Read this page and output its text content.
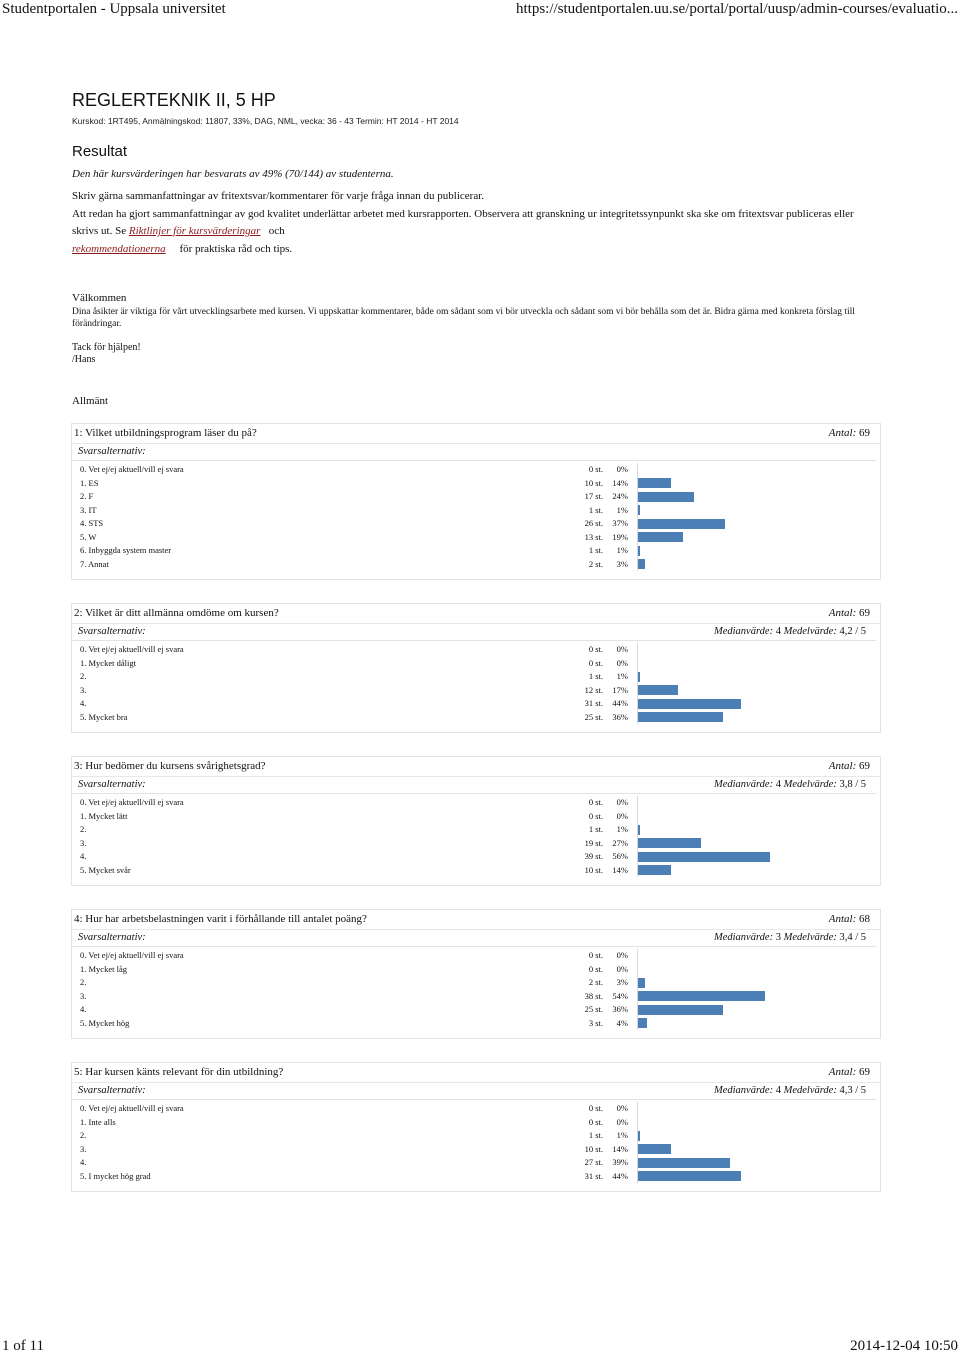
Studentportalen - Uppsala universitet	https://studentportalen.uu.se/portal/portal/uusp/admin-courses/evaluatio...
REGLERTEKNIK II, 5 HP
Kurskod: 1RT495, Anmälningskod: 11807, 33%, DAG, NML, vecka: 36 - 43 Termin: HT 2014 - HT 2014
Resultat
Den här kursvärderingen har besvarats av 49% (70/144) av studenterna.

Skriv gärna sammanfattningar av fritextsvar/kommentarer för varje fråga innan du publicerar.

Att redan ha gjort sammanfattningar av god kvalitet underlättar arbetet med kursrapporten. Observera att granskning ur integritetssynpunkt ska ske om fritextsvar publiceras eller skrivs ut. Se Riktlinjer för kursvärderingar och

rekommendationerna för praktiska råd och tips.

Välkommen
Dina åsikter är viktiga för vårt utvecklingsarbete med kursen. Vi uppskattar kommentarer, både om sådant som vi bör utveckla och sådant som vi bör behålla som det är. Bidra gärna med konkreta förslag till förändringar.
Tack för hjälpen!
/Hans
Allmänt
1: Vilket utbildningsprogram läser du på?	Antal: 69
Svarsalternativ:
0. Vet ej/ej aktuell/vill ej svara	0 st.	0%
1. ES	10 st.	14%
2. F	17 st.	24%
3. IT	1 st.	1%
4. STS	26 st.	37%
5. W	13 st.	19%
6. Inbyggda system master	1 st.	1%
7. Annat	2 st.	3%
2: Vilket är ditt allmänna omdöme om kursen?	Antal: 69
Svarsalternativ:	Medianvärde: 4 Medelvärde: 4,2 / 5
0. Vet ej/ej aktuell/vill ej svara	0 st.	0%
1. Mycket dåligt	0 st.	0%
2.	1 st.	1%
3.	12 st.	17%
4.	31 st.	44%
5. Mycket bra	25 st.	36%
3: Hur bedömer du kursens svårighetsgrad?	Antal: 69
Svarsalternativ:	Medianvärde: 4 Medelvärde: 3,8 / 5
0. Vet ej/ej aktuell/vill ej svara	0 st.	0%
1. Mycket lätt	0 st.	0%
2.	1 st.	1%
3.	19 st.	27%
4.	39 st.	56%
5. Mycket svår	10 st.	14%
4: Hur har arbetsbelastningen varit i förhållande till antalet poäng?	Antal: 68
Svarsalternativ:	Medianvärde: 3 Medelvärde: 3,4 / 5
0. Vet ej/ej aktuell/vill ej svara	0 st.	0%
1. Mycket låg	0 st.	0%
2.	2 st.	3%
3.	38 st.	54%
4.	25 st.	36%
5. Mycket hög	3 st.	4%
5: Har kursen känts relevant för din utbildning?	Antal: 69
Svarsalternativ:	Medianvärde: 4 Medelvärde: 4,3 / 5
0. Vet ej/ej aktuell/vill ej svara	0 st.	0%
1. Inte alls	0 st.	0%
2.	1 st.	1%
3.	10 st.	14%
4.	27 st.	39%
5. I mycket hög grad	31 st.	44%
1 of 11	2014-12-04 10:50
